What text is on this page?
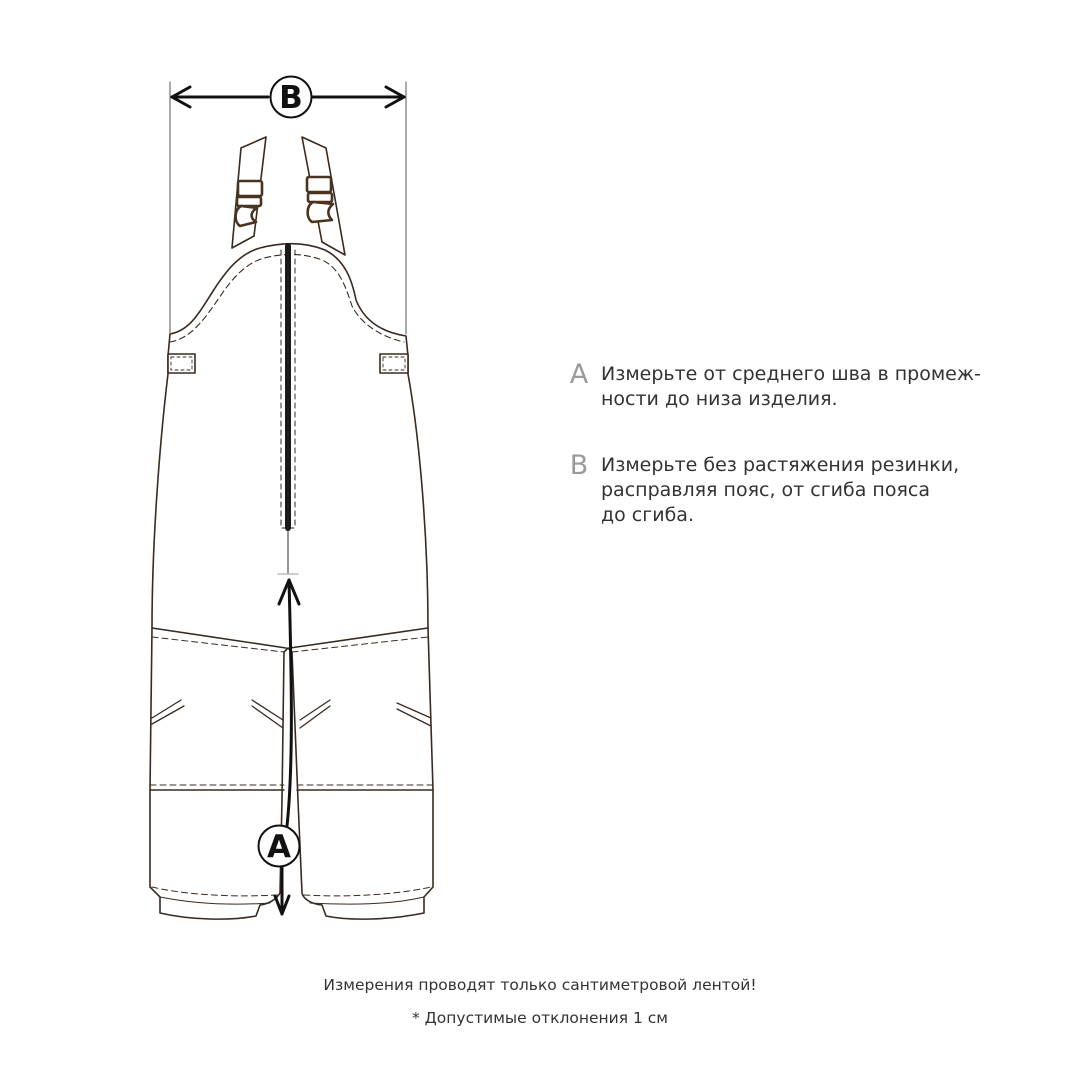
B
A
A Измерьте от среднего шва в промеж-
ности до низа изделия.
B Измерьте без растяжения резинки,
расправляя пояс, от сгиба пояса
до сгиба.
Измерения проводят только сантиметровой лентой!
* Допустимые отклонения 1 см
